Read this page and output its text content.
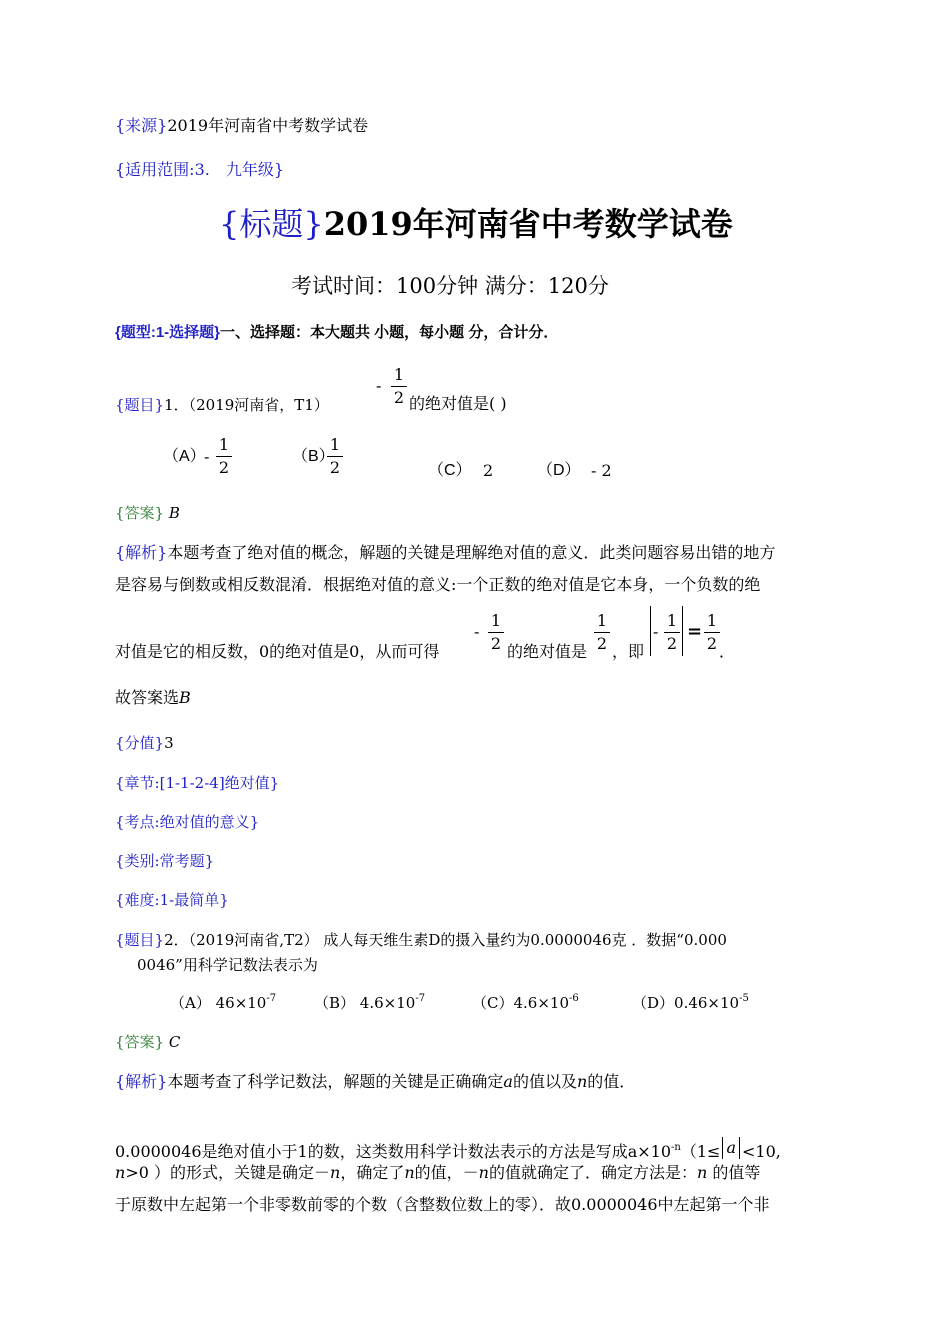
{来源}2019年河南省中考数学试卷
{适用范围:3.　九年级}
{标题}2019年河南省中考数学试卷
考试时间：100分钟 满分：120分
{题型:1-选择题}一、选择题：本大题共 小题，每小题 分，合计分．
{题目}1．（2019河南省，T1）
-
1
2 的绝对值是( )
（A）
-
1
2
（B）
1
2	（C） 2	（D） - 2
{答案} B
{解析}本题考查了绝对值的概念，解题的关键是理解绝对值的意义．此类问题容易出错的地方
是容易与倒数或相反数混淆．根据绝对值的意义:一个正数的绝对值是它本身，一个负数的绝
对值是它的相反数，0的绝对值是0，从而可得
-
1
2 的绝对值是
1
2 ，即
-
1
2
=
1
2 ．
故答案选B
{分值}3
{章节:[1-1-2-4]绝对值}
{考点:绝对值的意义}
{类别:常考题}
{难度:1-最简单}
{题目}2．（2019河南省,T2） 成人每天维生素D的摄入量约为0.0000046克 ．数据“0.000
0046”用科学记数法表示为
（A） $46\times 10^{-7}$	（B） $4.6\times 10^{-7}$	$(C)4.6\times 10^{-6}$	$(D)0.46\times 10^{-5}$
{答案} C
{解析}本题考查了科学记数法，解题的关键是正确确定a的值以及n的值．
0.0000046是绝对值小于1的数，这类数用科学计数法表示的方法是写成$a\times 10^{-n}(1\le a <10$,
n>0 ）的形式，关键是确定－n，确定了n的值，－n的值就确定了．确定方法是：n 的值等
于原数中左起第一个非零数前零的个数（含整数位数上的零）．故0.0000046中左起第一个非
